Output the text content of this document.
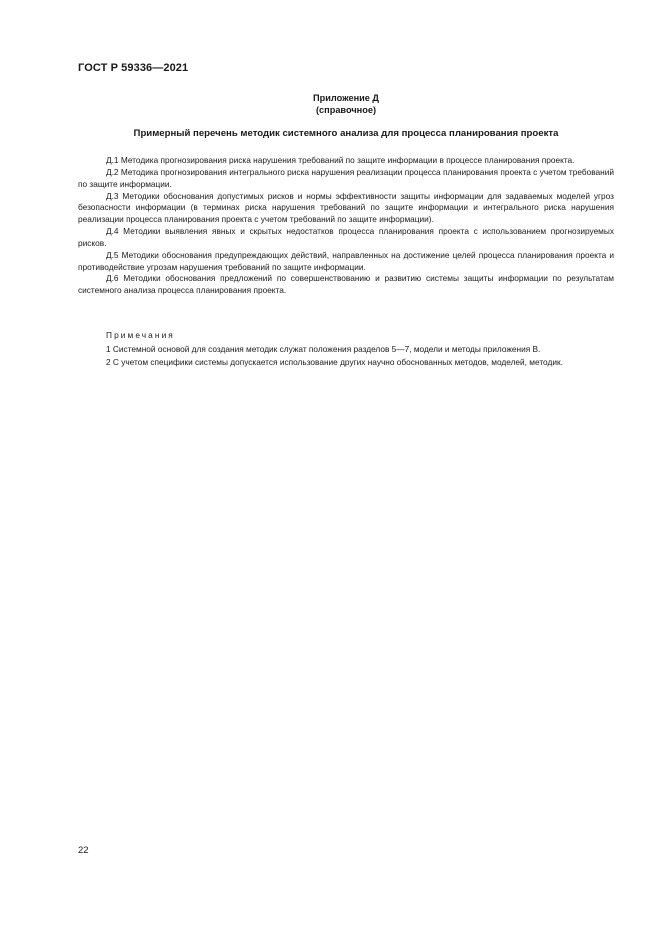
ГОСТ Р 59336—2021
Приложение Д
(справочное)
Примерный перечень методик системного анализа для процесса планирования проекта

Д.1 Методика прогнозирования риска нарушения требований по защите информации в процессе планирования проекта.

Д.2 Методика прогнозирования интегрального риска нарушения реализации процесса планирования проекта с учетом требований по защите информации.

Д.3 Методики обоснования допустимых рисков и нормы эффективности защиты информации для задаваемых моделей угроз безопасности информации (в терминах риска нарушения требований по защите информации и интегрального риска нарушения реализации процесса планирования проекта с учетом требований по защите информации).

Д.4 Методики выявления явных и скрытых недостатков процесса планирования проекта с использованием прогнозируемых рисков.

Д.5 Методики обоснования предупреждающих действий, направленных на достижение целей процесса планирования проекта и противодействие угрозам нарушения требований по защите информации.

Д.6 Методики обоснования предложений по совершенствованию и развитию системы защиты информации по результатам системного анализа процесса планирования проекта.

Примечания

1 Системной основой для создания методик служат положения разделов 5—7, модели и методы приложения В.

2 С учетом специфики системы допускается использование других научно обоснованных методов, моделей, методик.

22
